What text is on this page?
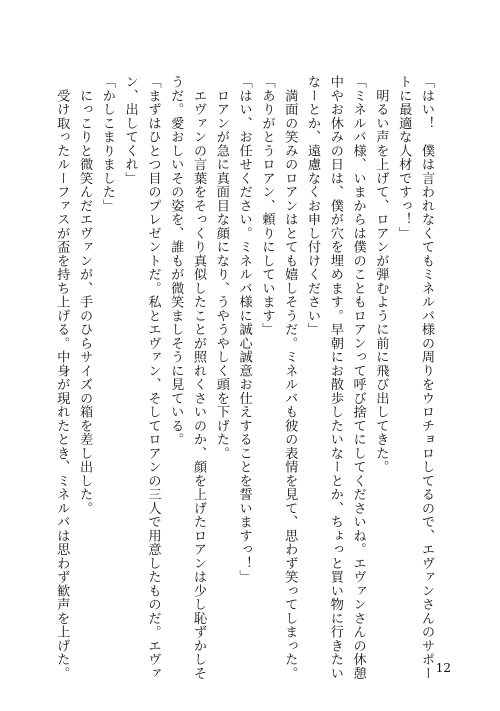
「はい！　僕は言われなくてもミネルバ様の周りをウロチョロしてるので、エヴァンさんのサポー
トに最適な人材ですっ！」
　明るい声を上げて、ロアンが弾むように前に飛び出してきた。
「ミネルバ様、いまからは僕のこともロアンって呼び捨てにしてくださいね。エヴァンさんの休憩
中やお休みの日は、僕が穴を埋めます。早朝にお散歩したいなーとか、ちょっと買い物に行きたい
なーとか、遠慮なくお申し付けください」
　満面の笑みのロアンはとても嬉しそうだ。ミネルバも彼の表情を見て、思わず笑ってしまった。
「ありがとうロアン、頼りにしています」
「はい、お任せください。ミネルバ様に誠心誠意お仕えすることを誓いますっ！」
　ロアンが急に真面目な顔になり、うやうやしく頭を下げた。
　エヴァンの言葉をそっくり真似したことが照れくさいのか、顔を上げたロアンは少し恥ずかしそ
うだ。愛おしいその姿を、誰もが微笑ましそうに見ている。
「まずはひとつ目のプレゼントだ。私とエヴァン、そしてロアンの三人で用意したものだ。エヴァ
ン、出してくれ」
「かしこまりました」
　にっこりと微笑んだエヴァンが、手のひらサイズの箱を差し出した。
　受け取ったルーファスが盃を持ち上げる。中身が現れたとき、ミネルバは思わず歓声を上げた。	12
